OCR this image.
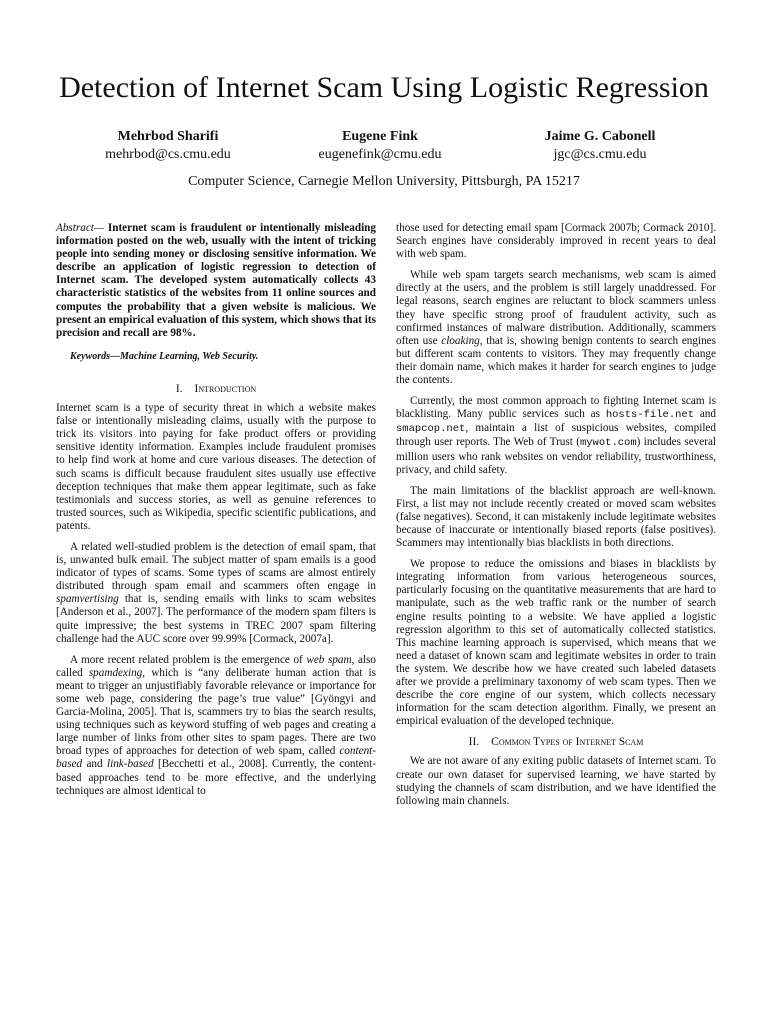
Detection of Internet Scam Using Logistic Regression
Mehrbod Sharifi
mehrbod@cs.cmu.edu
Eugene Fink
eugenefink@cmu.edu
Jaime G. Cabonell
jgc@cs.cmu.edu
Computer Science, Carnegie Mellon University, Pittsburgh, PA 15217

Abstract— Internet scam is fraudulent or intentionally misleading information posted on the web, usually with the intent of tricking people into sending money or disclosing sensitive information. We describe an application of logistic regression to detection of Internet scam. The developed system automatically collects 43 characteristic statistics of the websites from 11 online sources and computes the probability that a given website is malicious. We present an empirical evaluation of this system, which shows that its precision and recall are 98%.

Keywords—Machine Learning, Web Security.

I. Introduction

Internet scam is a type of security threat in which a website makes false or intentionally misleading claims, usually with the purpose to trick its visitors into paying for fake product offers or providing sensitive identity information. Examples include fraudulent promises to help find work at home and cure various diseases. The detection of such scams is difficult because fraudulent sites usually use effective deception techniques that make them appear legitimate, such as fake testimonials and success stories, as well as genuine references to trusted sources, such as Wikipedia, specific scientific publications, and patents.

A related well-studied problem is the detection of email spam, that is, unwanted bulk email. The subject matter of spam emails is a good indicator of types of scams. Some types of scams are almost entirely distributed through spam email and scammers often engage in spamvertising that is, sending emails with links to scam websites [Anderson et al., 2007]. The performance of the modern spam filters is quite impressive; the best systems in TREC 2007 spam filtering challenge had the AUC score over 99.99% [Cormack, 2007a].

A more recent related problem is the emergence of web spam, also called spamdexing, which is “any deliberate human action that is meant to trigger an unjustifiably favorable relevance or importance for some web page, considering the page’s true value” [Gyöngyi and Garcia-Molina, 2005]. That is, scammers try to bias the search results, using techniques such as keyword stuffing of web pages and creating a large number of links from other sites to spam pages. There are two broad types of approaches for detection of web spam, called content-based and link-based [Becchetti et al., 2008]. Currently, the content-based approaches tend to be more effective, and the underlying techniques are almost identical to

those used for detecting email spam [Cormack 2007b; Cormack 2010]. Search engines have considerably improved in recent years to deal with web spam.

While web spam targets search mechanisms, web scam is aimed directly at the users, and the problem is still largely unaddressed. For legal reasons, search engines are reluctant to block scammers unless they have specific strong proof of fraudulent activity, such as confirmed instances of malware distribution. Additionally, scammers often use cloaking, that is, showing benign contents to search engines but different scam contents to visitors. They may frequently change their domain name, which makes it harder for search engines to judge the contents.

Currently, the most common approach to fighting Internet scam is blacklisting. Many public services such as hosts-file.net and smapcop.net, maintain a list of suspicious websites, compiled through user reports. The Web of Trust (mywot.com) includes several million users who rank websites on vendor reliability, trustworthiness, privacy, and child safety.

The main limitations of the blacklist approach are well-known. First, a list may not include recently created or moved scam websites (false negatives). Second, it can mistakenly include legitimate websites because of inaccurate or intentionally biased reports (false positives). Scammers may intentionally bias blacklists in both directions.

We propose to reduce the omissions and biases in blacklists by integrating information from various heterogeneous sources, particularly focusing on the quantitative measurements that are hard to manipulate, such as the web traffic rank or the number of search engine results pointing to a website. We have applied a logistic regression algorithm to this set of automatically collected statistics. This machine learning approach is supervised, which means that we need a dataset of known scam and legitimate websites in order to train the system. We describe how we have created such labeled datasets after we provide a preliminary taxonomy of web scam types. Then we describe the core engine of our system, which collects necessary information for the scam detection algorithm. Finally, we present an empirical evaluation of the developed technique.

II. Common Types of Internet Scam

We are not aware of any exiting public datasets of Internet scam. To create our own dataset for supervised learning, we have started by studying the channels of scam distribution, and we have identified the following main channels.
